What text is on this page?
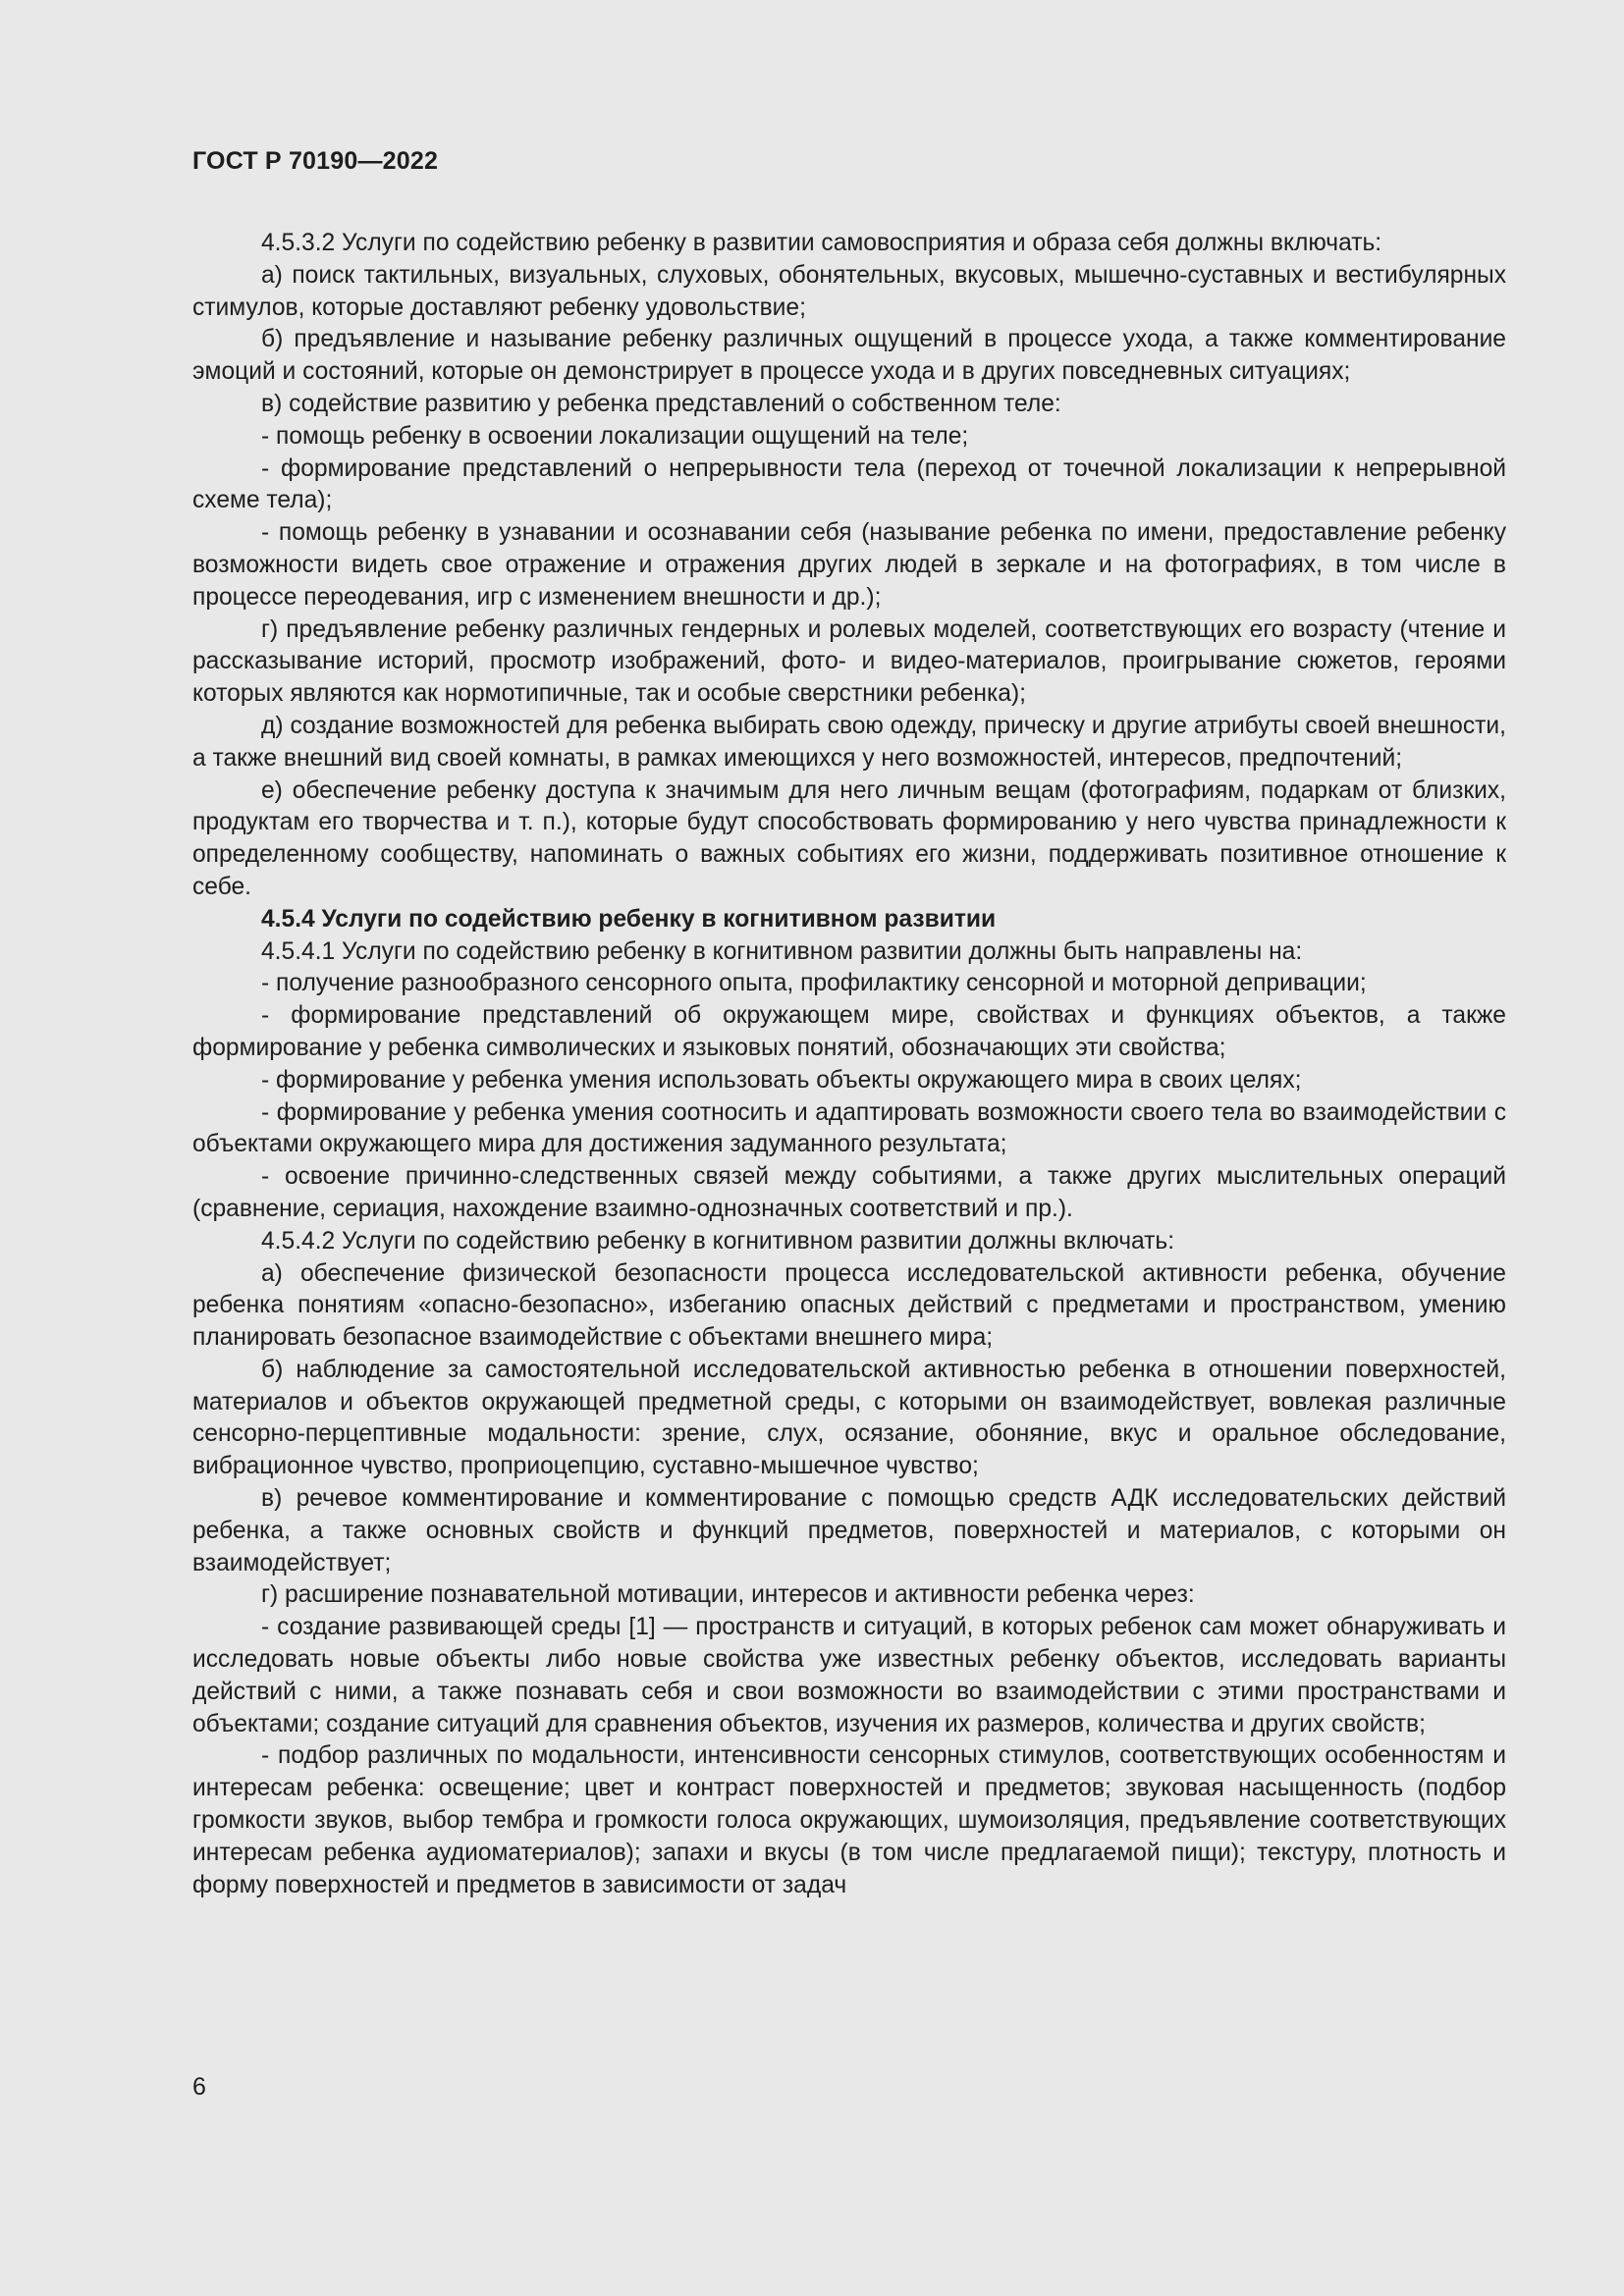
ГОСТ Р 70190—2022

4.5.3.2 Услуги по содействию ребенку в развитии самовосприятия и образа себя должны включать:

а) поиск тактильных, визуальных, слуховых, обонятельных, вкусовых, мышечно-суставных и вестибулярных стимулов, которые доставляют ребенку удовольствие;

б) предъявление и называние ребенку различных ощущений в процессе ухода, а также комментирование эмоций и состояний, которые он демонстрирует в процессе ухода и в других повседневных ситуациях;

в) содействие развитию у ребенка представлений о собственном теле:

- помощь ребенку в освоении локализации ощущений на теле;

- формирование представлений о непрерывности тела (переход от точечной локализации к непрерывной схеме тела);

- помощь ребенку в узнавании и осознавании себя (называние ребенка по имени, предоставление ребенку возможности видеть свое отражение и отражения других людей в зеркале и на фотографиях, в том числе в процессе переодевания, игр с изменением внешности и др.);

г) предъявление ребенку различных гендерных и ролевых моделей, соответствующих его возрасту (чтение и рассказывание историй, просмотр изображений, фото- и видео-материалов, проигрывание сюжетов, героями которых являются как нормотипичные, так и особые сверстники ребенка);

д) создание возможностей для ребенка выбирать свою одежду, прическу и другие атрибуты своей внешности, а также внешний вид своей комнаты, в рамках имеющихся у него возможностей, интересов, предпочтений;

е) обеспечение ребенку доступа к значимым для него личным вещам (фотографиям, подаркам от близких, продуктам его творчества и т. п.), которые будут способствовать формированию у него чувства принадлежности к определенному сообществу, напоминать о важных событиях его жизни, поддерживать позитивное отношение к себе.

4.5.4 Услуги по содействию ребенку в когнитивном развитии

4.5.4.1 Услуги по содействию ребенку в когнитивном развитии должны быть направлены на:

- получение разнообразного сенсорного опыта, профилактику сенсорной и моторной депривации;

- формирование представлений об окружающем мире, свойствах и функциях объектов, а также формирование у ребенка символических и языковых понятий, обозначающих эти свойства;

- формирование у ребенка умения использовать объекты окружающего мира в своих целях;

- формирование у ребенка умения соотносить и адаптировать возможности своего тела во взаимодействии с объектами окружающего мира для достижения задуманного результата;

- освоение причинно-следственных связей между событиями, а также других мыслительных операций (сравнение, сериация, нахождение взаимно-однозначных соответствий и пр.).

4.5.4.2 Услуги по содействию ребенку в когнитивном развитии должны включать:

а) обеспечение физической безопасности процесса исследовательской активности ребенка, обучение ребенка понятиям «опасно-безопасно», избеганию опасных действий с предметами и пространством, умению планировать безопасное взаимодействие с объектами внешнего мира;

б) наблюдение за самостоятельной исследовательской активностью ребенка в отношении поверхностей, материалов и объектов окружающей предметной среды, с которыми он взаимодействует, вовлекая различные сенсорно-перцептивные модальности: зрение, слух, осязание, обоняние, вкус и оральное обследование, вибрационное чувство, проприоцепцию, суставно-мышечное чувство;

в) речевое комментирование и комментирование с помощью средств АДК исследовательских действий ребенка, а также основных свойств и функций предметов, поверхностей и материалов, с которыми он взаимодействует;

г) расширение познавательной мотивации, интересов и активности ребенка через:

- создание развивающей среды [1] — пространств и ситуаций, в которых ребенок сам может обнаруживать и исследовать новые объекты либо новые свойства уже известных ребенку объектов, исследовать варианты действий с ними, а также познавать себя и свои возможности во взаимодействии с этими пространствами и объектами; создание ситуаций для сравнения объектов, изучения их размеров, количества и других свойств;

- подбор различных по модальности, интенсивности сенсорных стимулов, соответствующих особенностям и интересам ребенка: освещение; цвет и контраст поверхностей и предметов; звуковая насыщенность (подбор громкости звуков, выбор тембра и громкости голоса окружающих, шумоизоляция, предъявление соответствующих интересам ребенка аудиоматериалов); запахи и вкусы (в том числе предлагаемой пищи); текстуру, плотность и форму поверхностей и предметов в зависимости от задач

6
